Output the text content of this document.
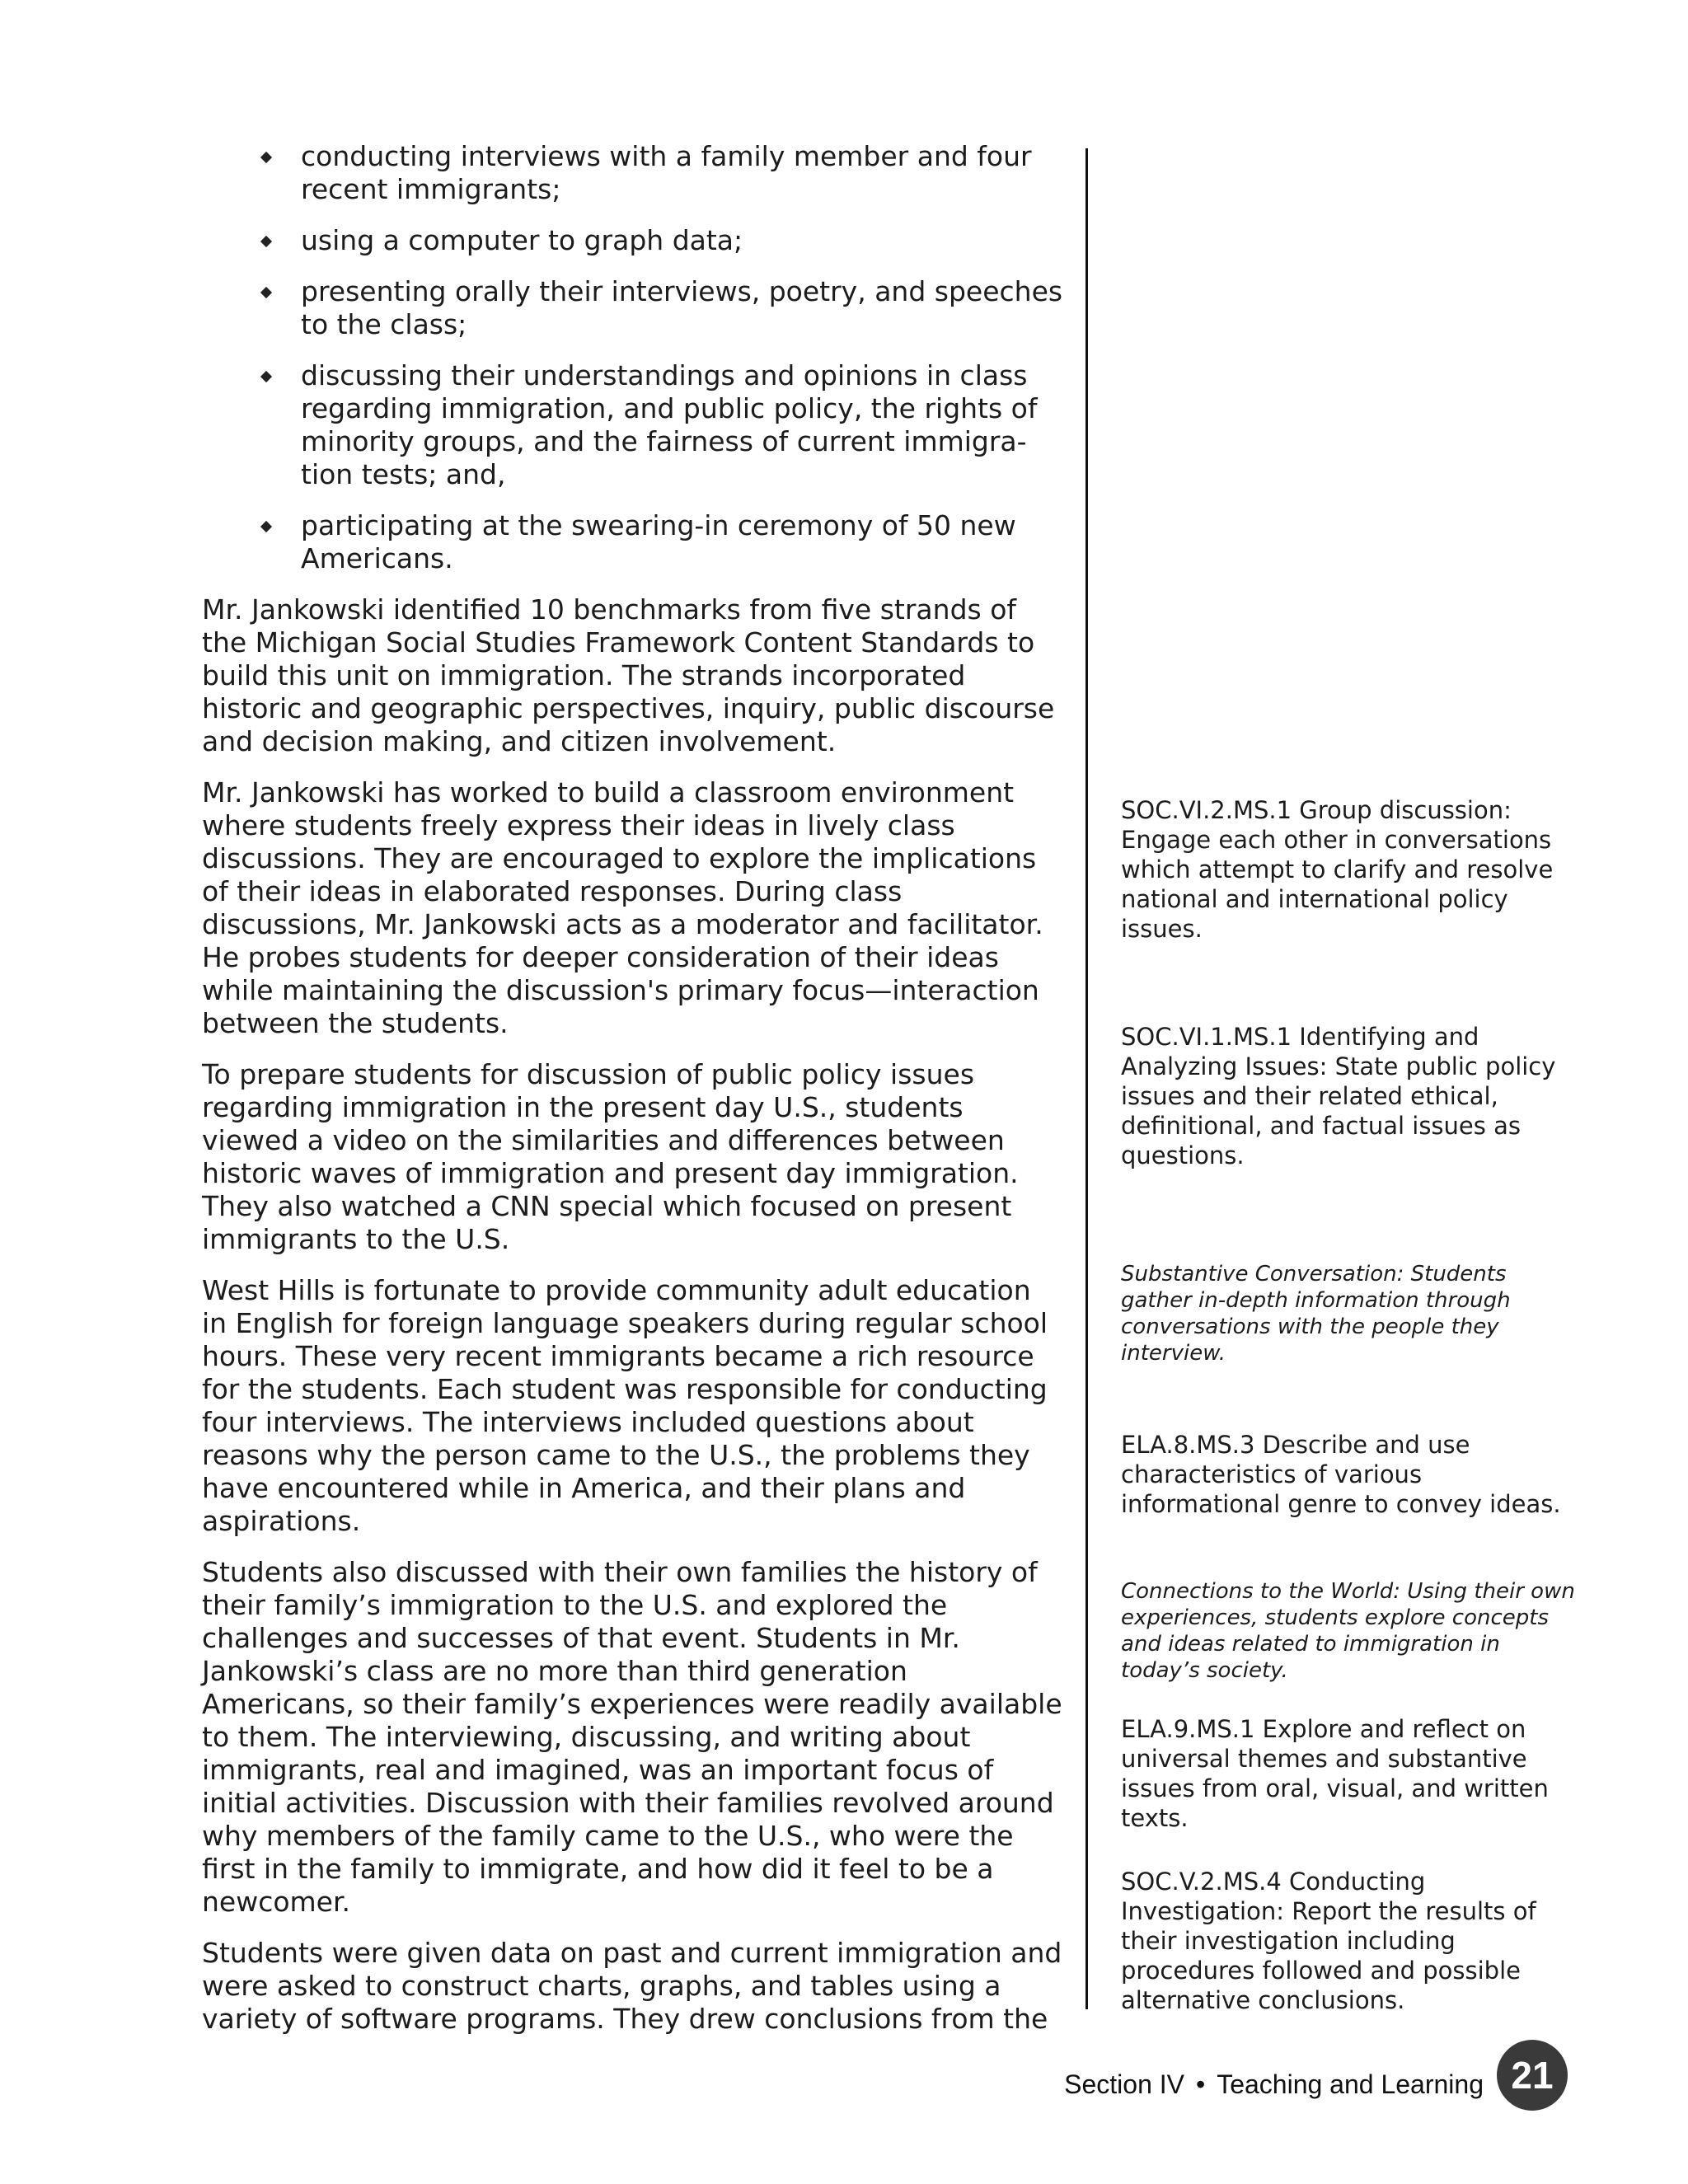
conducting interviews with a family member and four recent immigrants;
using a computer to graph data;
presenting orally their interviews, poetry, and speeches to the class;
discussing their understandings and opinions in class regarding immigration, and public policy, the rights of minority groups, and the fairness of current immigra-tion tests; and,
participating at the swearing-in ceremony of 50 new Americans.

Mr. Jankowski identified 10 benchmarks from five strands of the Michigan Social Studies Framework Content Standards to build this unit on immigration. The strands incorporated historic and geographic perspectives, inquiry, public discourse and decision making, and citizen involvement.

Mr. Jankowski has worked to build a classroom environment where students freely express their ideas in lively class discussions. They are encouraged to explore the implications of their ideas in elaborated responses. During class discussions, Mr. Jankowski acts as a moderator and facilitator. He probes students for deeper consideration of their ideas while maintaining the discussion's primary focus—interaction between the students.

To prepare students for discussion of public policy issues regarding immigration in the present day U.S., students viewed a video on the similarities and differences between historic waves of immigration and present day immigration. They also watched a CNN special which focused on present immigrants to the U.S.

West Hills is fortunate to provide community adult education in English for foreign language speakers during regular school hours. These very recent immigrants became a rich resource for the students. Each student was responsible for conducting four interviews. The interviews included questions about reasons why the person came to the U.S., the problems they have encountered while in America, and their plans and aspirations.

Students also discussed with their own families the history of their family’s immigration to the U.S. and explored the challenges and successes of that event. Students in Mr. Jankowski’s class are no more than third generation Americans, so their family’s experiences were readily available to them. The interviewing, discussing, and writing about immigrants, real and imagined, was an important focus of initial activities. Discussion with their families revolved around why members of the family came to the U.S., who were the first in the family to immigrate, and how did it feel to be a newcomer.

Students were given data on past and current immigration and were asked to construct charts, graphs, and tables using a variety of software programs. They drew conclusions from the

SOC.VI.2.MS.1 Group discussion: Engage each other in conversations which attempt to clarify and resolve national and international policy issues.

SOC.VI.1.MS.1 Identifying and Analyzing Issues: State public policy issues and their related ethical, definitional, and factual issues as questions.

Substantive Conversation: Students gather in-depth information through conversations with the people they interview.

ELA.8.MS.3 Describe and use characteristics of various informational genre to convey ideas.

Connections to the World: Using their own experiences, students explore concepts and ideas related to immigration in today’s society.

ELA.9.MS.1 Explore and reflect on universal themes and substantive issues from oral, visual, and written texts.

SOC.V.2.MS.4 Conducting Investigation: Report the results of their investigation including procedures followed and possible alternative conclusions.

Section IV • Teaching and Learning 21
